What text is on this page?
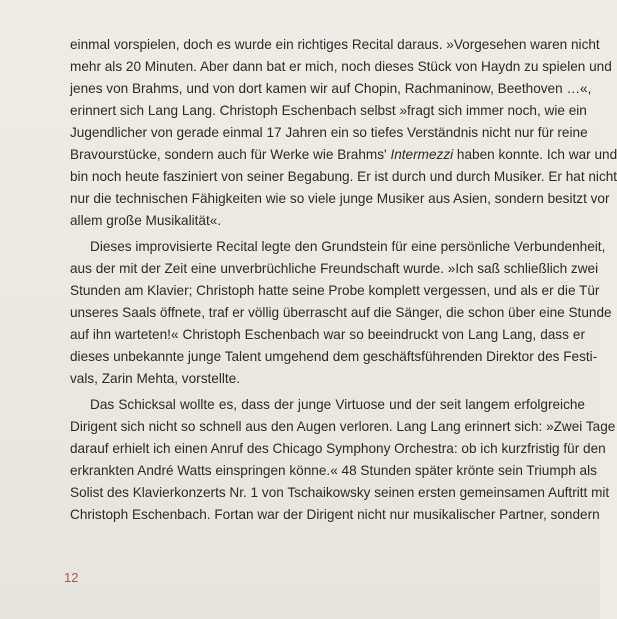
einmal vorspielen, doch es wurde ein richtiges Recital daraus. »Vorgesehen waren nicht
mehr als 20 Minuten. Aber dann bat er mich, noch dieses Stück von Haydn zu spielen und
jenes von Brahms, und von dort kamen wir auf Chopin, Rachmaninow, Beethoven …«,
erinnert sich Lang Lang. Christoph Eschenbach selbst »fragt sich immer noch, wie ein
Jugendlicher von gerade einmal 17 Jahren ein so tiefes Verständnis nicht nur für reine
Bravourstücke, sondern auch für Werke wie Brahms' Intermezzi haben konnte. Ich war und
bin noch heute fasziniert von seiner Begabung. Er ist durch und durch Musiker. Er hat nicht
nur die technischen Fähigkeiten wie so viele junge Musiker aus Asien, sondern besitzt vor
allem große Musikalität«.
Dieses improvisierte Recital legte den Grundstein für eine persönliche Verbundenheit,
aus der mit der Zeit eine unverbrüchliche Freundschaft wurde. »Ich saß schließlich zwei
Stunden am Klavier; Christoph hatte seine Probe komplett vergessen, und als er die Tür
unseres Saals öffnete, traf er völlig überrascht auf die Sänger, die schon über eine Stunde
auf ihn warteten!« Christoph Eschenbach war so beeindruckt von Lang Lang, dass er
dieses unbekannte junge Talent umgehend dem geschäftsführenden Direktor des Festi-
vals, Zarin Mehta, vorstellte.
Das Schicksal wollte es, dass der junge Virtuose und der seit langem erfolgreiche
Dirigent sich nicht so schnell aus den Augen verloren. Lang Lang erinnert sich: »Zwei Tage
darauf erhielt ich einen Anruf des Chicago Symphony Orchestra: ob ich kurzfristig für den
erkrankten André Watts einspringen könne.« 48 Stunden später krönte sein Triumph als
Solist des Klavierkonzerts Nr. 1 von Tschaikowsky seinen ersten gemeinsamen Auftritt mit
Christoph Eschenbach. Fortan war der Dirigent nicht nur musikalischer Partner, sondern
12
